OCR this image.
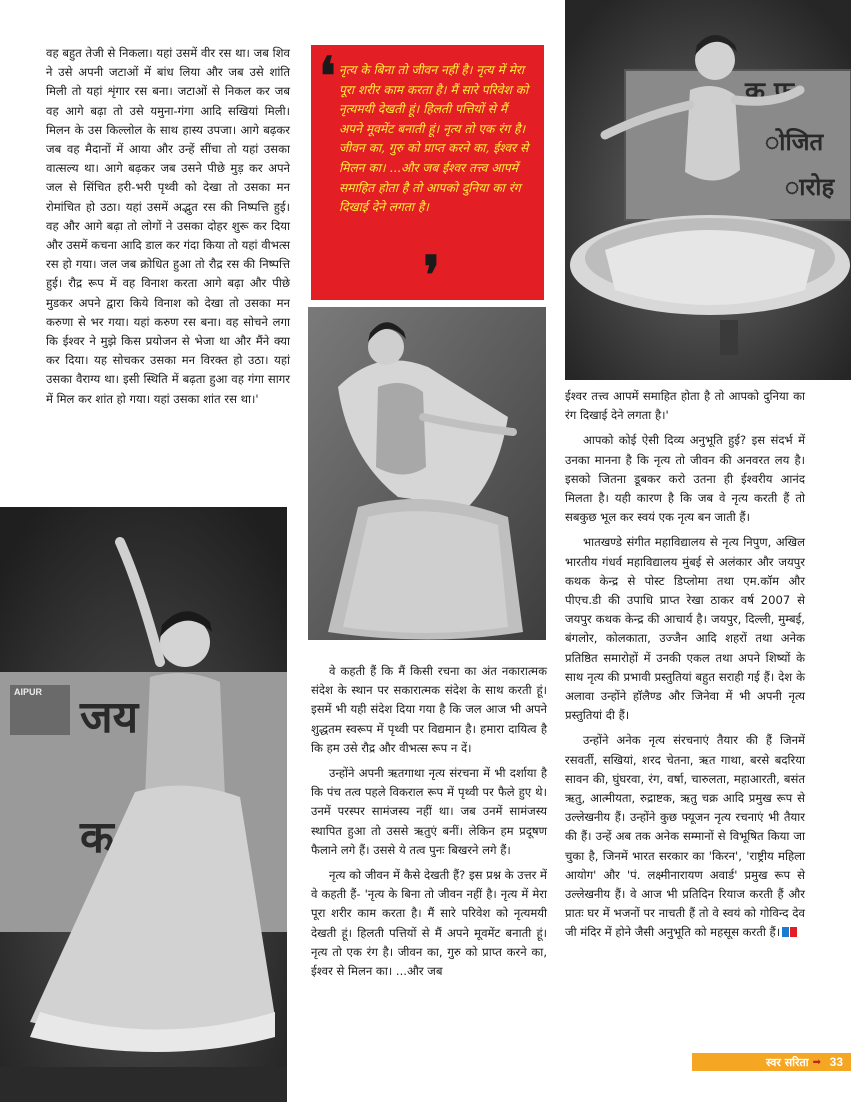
वह बहुत तेजी से निकला। यहां उसमें वीर रस था। जब शिव ने उसे अपनी जटाओं में बांध लिया और जब उसे शांति मिली तो यहां शृंगार रस बना। जटाओं से निकल कर जब वह आगे बढ़ा तो उसे यमुना-गंगा आदि सखियां मिली। मिलन के उस किल्लोल के साथ हास्य उपजा। आगे बढ़कर जब वह मैदानों में आया और उन्हें सींचा तो यहां उसका वात्सल्य था। आगे बढ़कर जब उसने पीछे मुड़ कर अपने जल से सिंचित हरी-भरी पृथ्वी को देखा तो उसका मन रोमांचित हो उठा। यहां उसमें अद्भुत रस की निष्पत्ति हुई। वह और आगे बढ़ा तो लोगों ने उसका दोहर शुरू कर दिया और उसमें कचना आदि डाल कर गंदा किया तो यहां वीभत्स रस हो गया। जल जब क्रोधित हुआ तो रौद्र रस की निष्पत्ति हुई। रौद्र रूप में वह विनाश करता आगे बढ़ा और पीछे मुडकर अपने द्वारा किये विनाश को देखा तो उसका मन करुणा से भर गया। यहां करुण रस बना। वह सोचने लगा कि ईश्वर ने मुझे किस प्रयोजन से भेजा था और मैंने क्या कर दिया। यह सोचकर उसका मन विरक्त हो उठा। यहां उसका वैराग्य था। इसी स्थिति में बढ़ता हुआ वह गंगा सागर में मिल कर शांत हो गया। यहां उसका शांत रस था।'

❛ नृत्य के बिना तो जीवन नहीं है। नृत्य में मेरा पूरा शरीर काम करता है। मैं सारे परिवेश को नृत्यमयी देखती हूं। हिलती पत्तियों से मैं अपने मूवमेंट बनाती हूं। नृत्य तो एक रंग है। जीवन का, गुरु को प्राप्त करने का, ईश्वर से मिलन का। ...और जब ईश्वर तत्त्व आपमें समाहित होता है तो आपको दुनिया का रंग दिखाई देने लगता है।

❜
क फ्र
ोजित
ारोह
AIPUR जय
क

वे कहती हैं कि मैं किसी रचना का अंत नकारात्मक संदेश के स्थान पर सकारात्मक संदेश के साथ करती हूं। इसमें भी यही संदेश दिया गया है कि जल आज भी अपने शुद्धतम स्वरूप में पृथ्वी पर विद्यमान है। हमारा दायित्व है कि हम उसे रौद्र और वीभत्स रूप न दें।

उन्होंने अपनी ऋतगाथा नृत्य संरचना में भी दर्शाया है कि पंच तत्व पहले विकराल रूप में पृथ्वी पर फैले हुए थे। उनमें परस्पर सामंजस्य नहीं था। जब उनमें सामंजस्य स्थापित हुआ तो उससे ऋतुएं बनीं। लेकिन हम प्रदूषण फैलाने लगे हैं। उससे ये तत्व पुनः बिखरने लगे हैं।

नृत्य को जीवन में कैसे देखती हैं? इस प्रश्न के उत्तर में वे कहती हैं- 'नृत्य के बिना तो जीवन नहीं है। नृत्य में मेरा पूरा शरीर काम करता है। मैं सारे परिवेश को नृत्यमयी देखती हूं। हिलती पत्तियों से मैं अपने मूवमेंट बनाती हूं। नृत्य तो एक रंग है। जीवन का, गुरु को प्राप्त करने का, ईश्वर से मिलन का। ...और जब

ईश्वर तत्त्व आपमें समाहित होता है तो आपको दुनिया का रंग दिखाई देने लगता है।'

आपको कोई ऐसी दिव्य अनुभूति हुई? इस संदर्भ में उनका मानना है कि नृत्य तो जीवन की अनवरत लय है। इसको जितना डूबकर करो उतना ही ईश्वरीय आनंद मिलता है। यही कारण है कि जब वे नृत्य करती हैं तो सबकुछ भूल कर स्वयं एक नृत्य बन जाती हैं।

भातखण्डे संगीत महाविद्यालय से नृत्य निपुण, अखिल भारतीय गंधर्व महाविद्यालय मुंबई से अलंकार और जयपुर कथक केन्द्र से पोस्ट डिप्लोमा तथा एम.कॉम और पीएच.डी की उपाधि प्राप्त रेखा ठाकर वर्ष 2007 से जयपुर कथक केन्द्र की आचार्य है। जयपुर, दिल्ली, मुम्बई, बंगलोर, कोलकाता, उज्जैन आदि शहरों तथा अनेक प्रतिष्ठित समारोहों में उनकी एकल तथा अपने शिष्यों के साथ नृत्य की प्रभावी प्रस्तुतियां बहुत सराही गई हैं। देश के अलावा उन्होंने हॉलैण्ड और जिनेवा में भी अपनी नृत्य प्रस्तुतियां दी हैं।

उन्होंने अनेक नृत्य संरचनाएं तैयार की हैं जिनमें रसवर्ती, सखियां, शरद चेतना, ऋत गाथा, बरसे बदरिया सावन की, घुंघरवा, रंग, वर्षा, चारुलता, महाआरती, बसंत ऋतु, आत्मीयता, रुद्राष्टक, ऋतु चक्र आदि प्रमुख रूप से उल्लेखनीय हैं। उन्होंने कुछ फ्यूजन नृत्य रचनाएं भी तैयार की हैं। उन्हें अब तक अनेक सम्मानों से विभूषित किया जा चुका है, जिनमें भारत सरकार का 'किरन', 'राष्ट्रीय महिला आयोग' और 'पं. लक्ष्मीनारायण अवार्ड' प्रमुख रूप से उल्लेखनीय हैं। वे आज भी प्रतिदिन रियाज करती हैं और प्रातः घर में भजनों पर नाचती हैं तो वे स्वयं को गोविन्द देव जी मंदिर में होने जैसी अनुभूति को महसूस करती हैं।

स्वर सरिता ➡ 33
